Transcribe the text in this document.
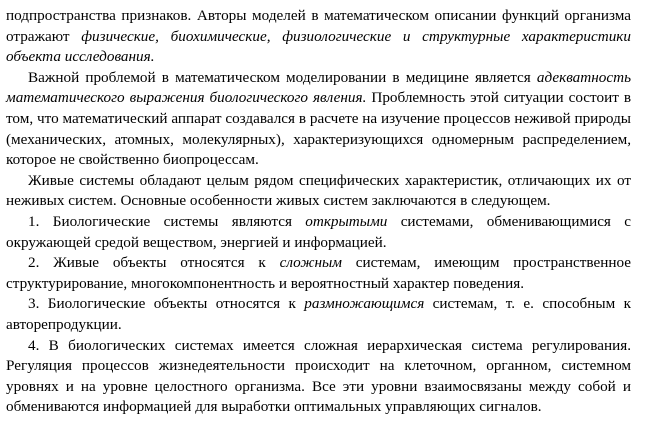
подпространства признаков. Авторы моделей в математическом описании функций организма отражают физические, биохимические, физиологические и структурные характеристики объекта исследования.

Важной проблемой в математическом моделировании в медицине является адекватность математического выражения биологического явления. Проблемность этой ситуации состоит в том, что математический аппарат создавался в расчете на изучение процессов неживой природы (механических, атомных, молекулярных), характеризующихся одномерным распределением, которое не свойственно биопроцессам.

Живые системы обладают целым рядом специфических характеристик, отличающих их от неживых систем. Основные особенности живых систем заключаются в следующем.

1. Биологические системы являются открытыми системами, обменивающимися с окружающей средой веществом, энергией и информацией.

2. Живые объекты относятся к сложным системам, имеющим пространственное структурирование, многокомпонентность и вероятностный характер поведения.

3. Биологические объекты относятся к размножающимся системам, т. е. способным к авторепродукции.

4. В биологических системах имеется сложная иерархическая система регулирования. Регуляция процессов жизнедеятельности происходит на клеточном, органном, системном уровнях и на уровне целостного организма. Все эти уровни взаимосвязаны между собой и обмениваются информацией для выработки оптимальных управляющих сигналов.
